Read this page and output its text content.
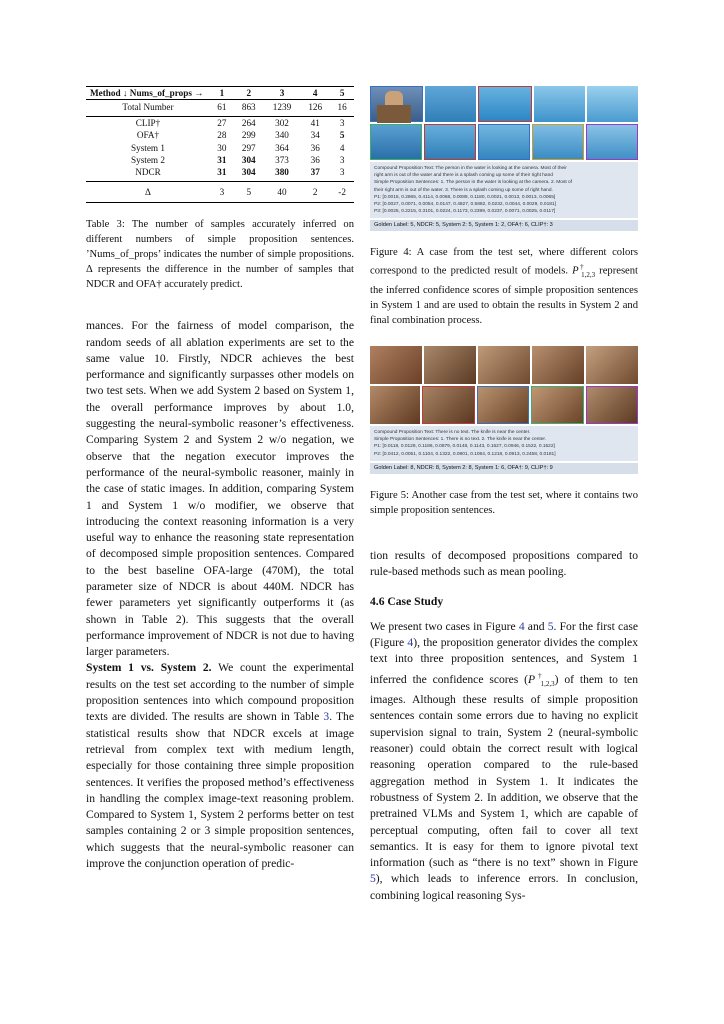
Method ↓ Nums_of_props →	1	2	3	4	5
Total Number	61	863	1239	126	16
CLIP†	27	264	302	41	3
OFA†	28	299	340	34	5
System 1	30	297	364	36	4
System 2	31	304	373	36	3
NDCR	31	304	380	37	3
Δ	3	5	40	2	-2
Table 3: The number of samples accurately inferred on different numbers of simple proposition sentences. ’Nums_of_props’ indicates the number of simple propositions. Δ represents the difference in the number of samples that NDCR and OFA† accurately predict.

mances. For the fairness of model comparison, the random seeds of all ablation experiments are set to the same value 10. Firstly, NDCR achieves the best performance and significantly surpasses other models on two test sets. When we add System 2 based on System 1, the overall performance improves by about 1.0, suggesting the neural-symbolic reasoner’s effectiveness. Comparing System 2 and System 2 w/o negation, we observe that the negation executor improves the performance of the neural-symbolic reasoner, mainly in the case of static images. In addition, comparing System 1 and System 1 w/o modifier, we observe that introducing the context reasoning information is a very useful way to enhance the reasoning state representation of decomposed simple proposition sentences. Compared to the best baseline OFA-large (470M), the total parameter size of NDCR is about 440M. NDCR has fewer parameters yet significantly outperforms it (as shown in Table 2). This suggests that the overall performance improvement of NDCR is not due to having larger parameters.

System 1 vs. System 2. We count the experimental results on the test set according to the number of simple proposition sentences into which compound proposition texts are divided. The results are shown in Table 3. The statistical results show that NDCR excels at image retrieval from complex text with medium length, especially for those containing three simple proposition sentences. It verifies the proposed method’s effectiveness in handling the complex image-text reasoning problem. Compared to System 1, System 2 performs better on test samples containing 2 or 3 simple proposition sentences, which suggests that the neural-symbolic reasoner can improve the conjunction operation of predic-

Compound Proposition Text: The person in the water is looking at the camera. Most of their
right arm is out of the water and there is a splash coming up some of their right hand
Simple Proposition Sentences: 1. The person in the water is looking at the camera. 2. Most of
their right arm is out of the water. 3. There is a splash coming up some of right hand.
P1: [0.0015, 0.2865, 0.4114, 0.0068, 0.0089, 0.1180, 0.0021, 0.0013, 0.0013, 0.0065]
P2: [0.0027, 0.0071, 0.0054, 0.0147, 0.4827, 0.5882, 0.0232, 0.0044, 0.0029, 0.0181]
P3: [0.0025, 0.2215, 0.3101, 0.0224, 0.1173, 0.2399, 0.0237, 0.0071, 0.0025, 0.0117]
Golden Label: 5, NDCR: 5, System 2: 5, System 1: 2, OFA†: 6, CLIP†: 3
Figure 4: A case from the test set, where different colors correspond to the predicted result of models. $P^\dagger_{1,2,3}$ represent the inferred confidence scores of simple proposition sentences in System 1 and are used to obtain the results in System 2 and final combination process.
Compound Proposition Text: There is no text. The knife is near the center.
Simple Proposition Sentences: 1. There is no text. 2. The knife is near the center.
P1: [0.0118, 0.0128, 0.1186, 0.0879, 0.0148, 0.1143, 0.1527, 0.0946, 0.1522, 0.1522]
P2: [0.0412, 0.0051, 0.1104, 0.1322, 0.0801, 0.1084, 0.1218, 0.0913, 0.2458, 0.0181]
Golden Label: 8, NDCR: 8, System 2: 8, System 1: 6, OFA†: 9, CLIP†: 9
Figure 5: Another case from the test set, where it contains two simple proposition sentences.

tion results of decomposed propositions compared to rule-based methods such as mean pooling.

4.6 Case Study

We present two cases in Figure 4 and 5. For the first case (Figure 4), the proposition generator divides the complex text into three proposition sentences, and System 1 inferred the confidence scores $(P^\dagger_{1,2,3})$ of them to ten images. Although these results of simple proposition sentences contain some errors due to having no explicit supervision signal to train, System 2 (neural-symbolic reasoner) could obtain the correct result with logical reasoning operation compared to the rule-based aggregation method in System 1. It indicates the robustness of System 2. In addition, we observe that the pretrained VLMs and System 1, which are capable of perceptual computing, often fail to cover all text semantics. It is easy for them to ignore pivotal text information (such as “there is no text” shown in Figure 5), which leads to inference errors. In conclusion, combining logical reasoning Sys-
